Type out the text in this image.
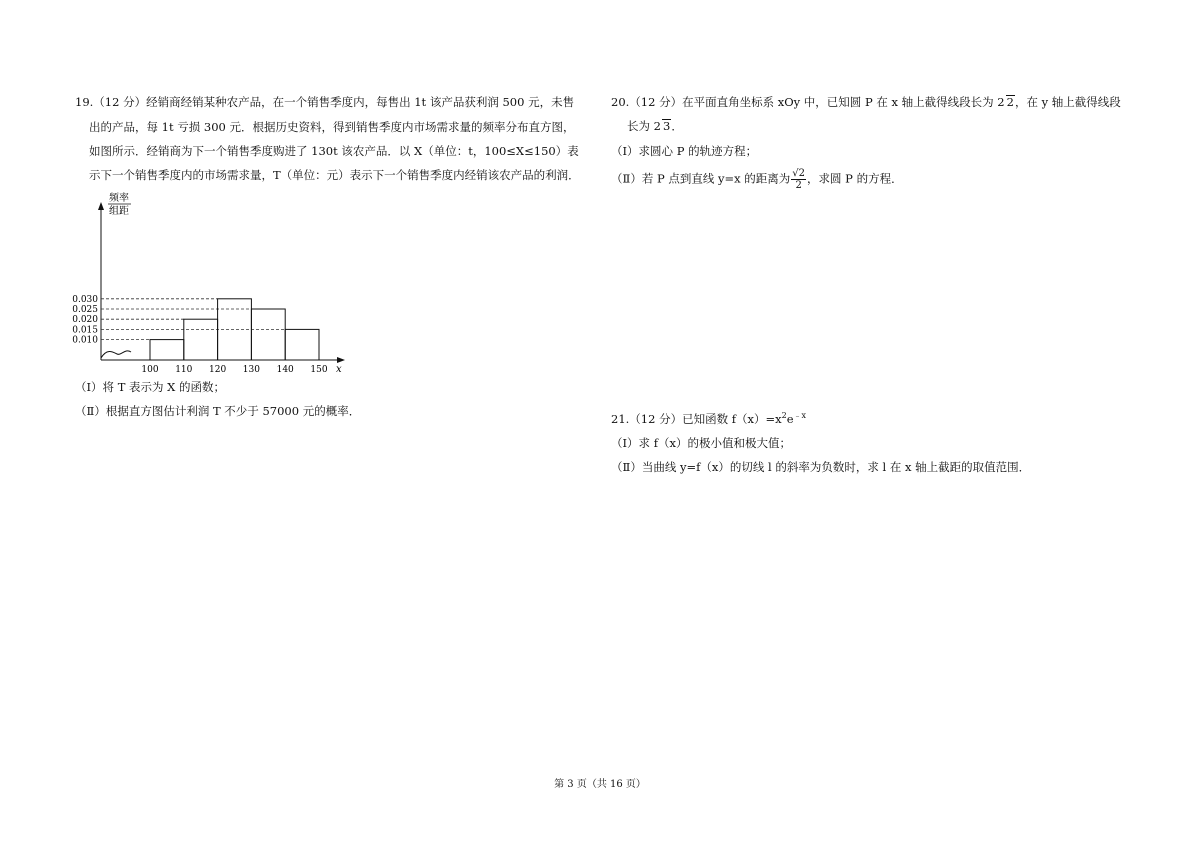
19.（12 分）经销商经销某种农产品，在一个销售季度内，每售出 1t 该产品获利润 500 元，未售
出的产品，每 1t 亏损 300 元．根据历史资料，得到销售季度内市场需求量的频率分布直方图，
如图所示．经销商为下一个销售季度购进了 130t 该农产品．以 X（单位：t，100≤X≤150）表
示下一个销售季度内的市场需求量，T（单位：元）表示下一个销售季度内经销该农产品的利润．
频率
组距
0.030
0.025
0.020
0.015
0.010
100 110 120 130 140 150 x
（Ⅰ）将 T 表示为 X 的函数；
（Ⅱ）根据直方图估计利润 T 不少于 57000 元的概率．
20.（12 分）在平面直角坐标系 xOy 中，已知圆 P 在 x 轴上截得线段长为 2 2，在 y 轴上截得线段
长为 2 3．
（Ⅰ）求圆心 P 的轨迹方程；
（Ⅱ）若 P 点到直线 y=x 的距离为 $\frac{√2}{2}$ ，求圆 P 的方程．
21.（12 分）已知函数 $f(x)=x^2e^{﹣x}$
（Ⅰ）求 f（x）的极小值和极大值；
（Ⅱ）当曲线 y=f（x）的切线 l 的斜率为负数时，求 l 在 x 轴上截距的取值范围．
第 3 页（共 16 页）
